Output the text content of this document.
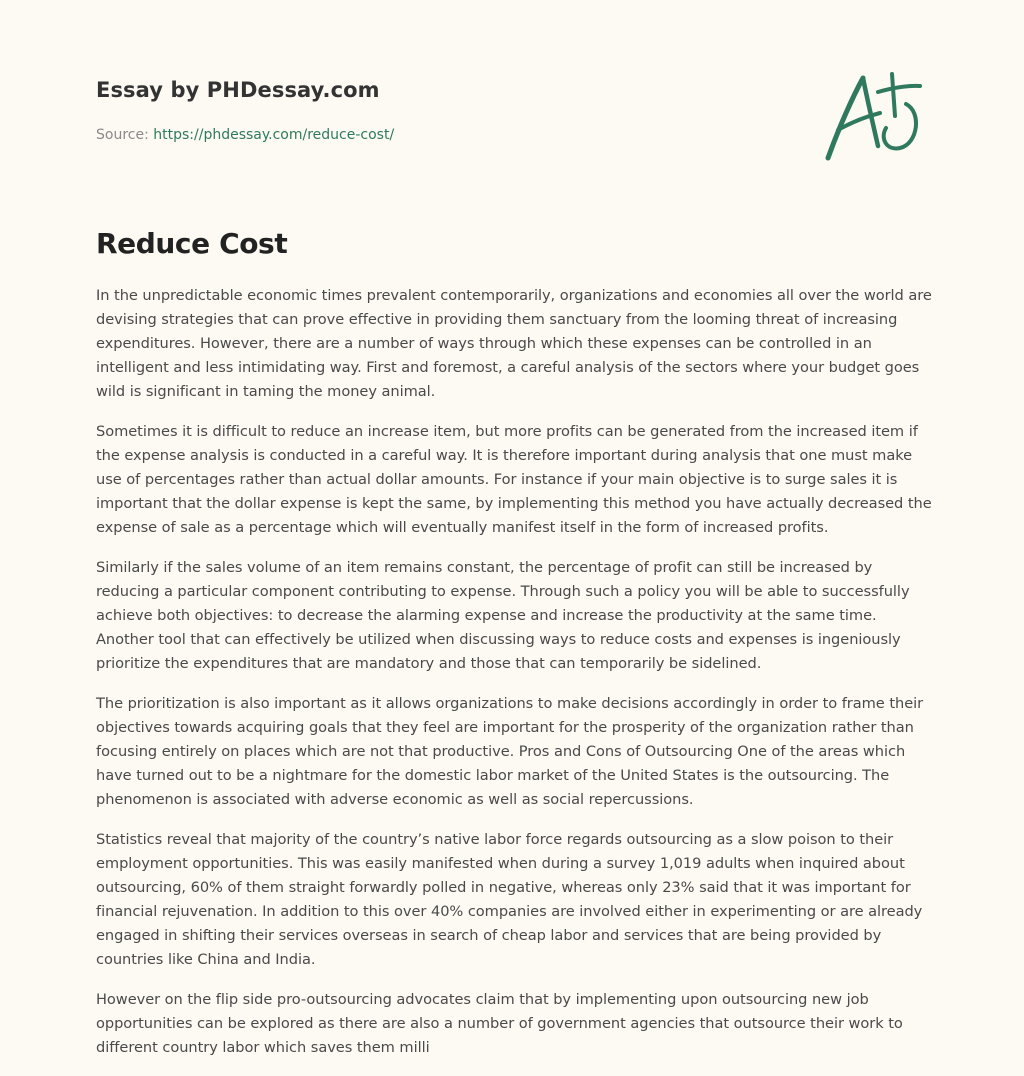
Essay by PHDessay.com
Source: https://phdessay.com/reduce-cost/
Reduce Cost

In the unpredictable economic times prevalent contemporarily, organizations and economies all over the world are devising strategies that can prove effective in providing them sanctuary from the looming threat of increasing expenditures. However, there are a number of ways through which these expenses can be controlled in an intelligent and less intimidating way. First and foremost, a careful analysis of the sectors where your budget goes wild is significant in taming the money animal.

Sometimes it is difficult to reduce an increase item, but more profits can be generated from the increased item if the expense analysis is conducted in a careful way. It is therefore important during analysis that one must make use of percentages rather than actual dollar amounts. For instance if your main objective is to surge sales it is important that the dollar expense is kept the same, by implementing this method you have actually decreased the expense of sale as a percentage which will eventually manifest itself in the form of increased profits.

Similarly if the sales volume of an item remains constant, the percentage of profit can still be increased by reducing a particular component contributing to expense. Through such a policy you will be able to successfully achieve both objectives: to decrease the alarming expense and increase the productivity at the same time. Another tool that can effectively be utilized when discussing ways to reduce costs and expenses is ingeniously prioritize the expenditures that are mandatory and those that can temporarily be sidelined.

The prioritization is also important as it allows organizations to make decisions accordingly in order to frame their objectives towards acquiring goals that they feel are important for the prosperity of the organization rather than focusing entirely on places which are not that productive. Pros and Cons of Outsourcing One of the areas which have turned out to be a nightmare for the domestic labor market of the United States is the outsourcing. The phenomenon is associated with adverse economic as well as social repercussions.

Statistics reveal that majority of the country’s native labor force regards outsourcing as a slow poison to their employment opportunities. This was easily manifested when during a survey 1,019 adults when inquired about outsourcing, 60% of them straight forwardly polled in negative, whereas only 23% said that it was important for financial rejuvenation. In addition to this over 40% companies are involved either in experimenting or are already engaged in shifting their services overseas in search of cheap labor and services that are being provided by countries like China and India.

However on the flip side pro-outsourcing advocates claim that by implementing upon outsourcing new job opportunities can be explored as there are also a number of government agencies that outsource their work to different country labor which saves them milli
